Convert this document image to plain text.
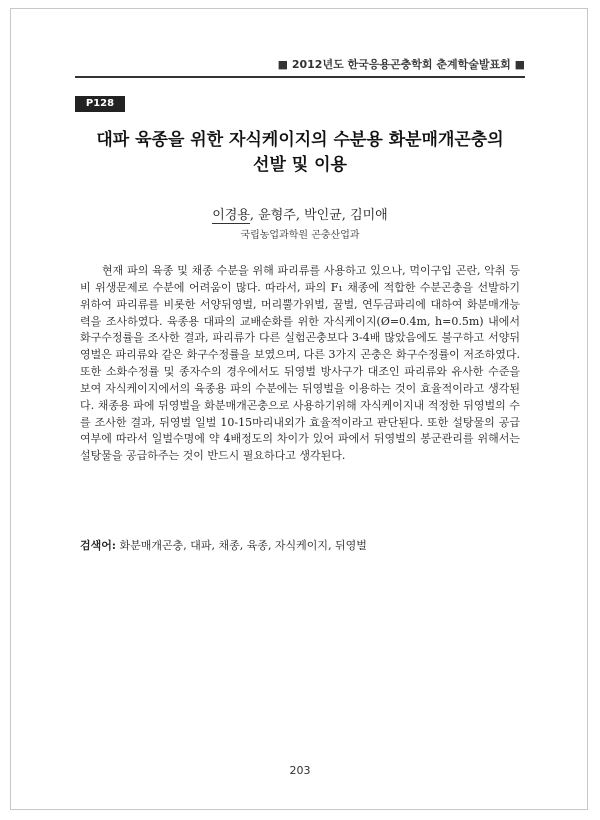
■ 2012년도 한국응용곤충학회 춘계학술발표회 ■
P128
대파 육종을 위한 자식케이지의 수분용 화분매개곤충의
선발 및 이용
이경용, 윤형주, 박인균, 김미애
국립농업과학원 곤충산업과

현재 파의 육종 및 채종 수분을 위해 파리류를 사용하고 있으나, 먹이구입 곤란, 악취 등 비 위생문제로 수분에 어려움이 많다. 따라서, 파의 F₁ 채종에 적합한 수분곤충을 선발하기 위하여 파리류를 비롯한 서양뒤영벌, 머리뿔가위벌, 꿀벌, 연두금파리에 대하여 화분매개능력을 조사하였다. 육종용 대파의 교배순화를 위한 자식케이지(Ø=0.4m, h=0.5m) 내에서 화구수정률을 조사한 결과, 파리류가 다른 실험곤충보다 3-4배 많았음에도 불구하고 서양뒤영벌은 파리류와 같은 화구수정률을 보였으며, 다른 3가지 곤충은 화구수정률이 저조하였다. 또한 소화수정률 및 종자수의 경우에서도 뒤영벌 방사구가 대조인 파리류와 유사한 수준을 보여 자식케이지에서의 육종용 파의 수분에는 뒤영벌을 이용하는 것이 효율적이라고 생각된다. 채종용 파에 뒤영벌을 화분매개곤충으로 사용하기위해 자식케이지내 적정한 뒤영벌의 수를 조사한 결과, 뒤영벌 일벌 10-15마리내외가 효율적이라고 판단된다. 또한 설탕물의 공급여부에 따라서 일벌수명에 약 4배정도의 차이가 있어 파에서 뒤영벌의 봉군관리를 위해서는 설탕물을 공급하주는 것이 반드시 필요하다고 생각된다.

검색어: 화분매개곤충, 대파, 채종, 육종, 자식케이지, 뒤영벌
203
